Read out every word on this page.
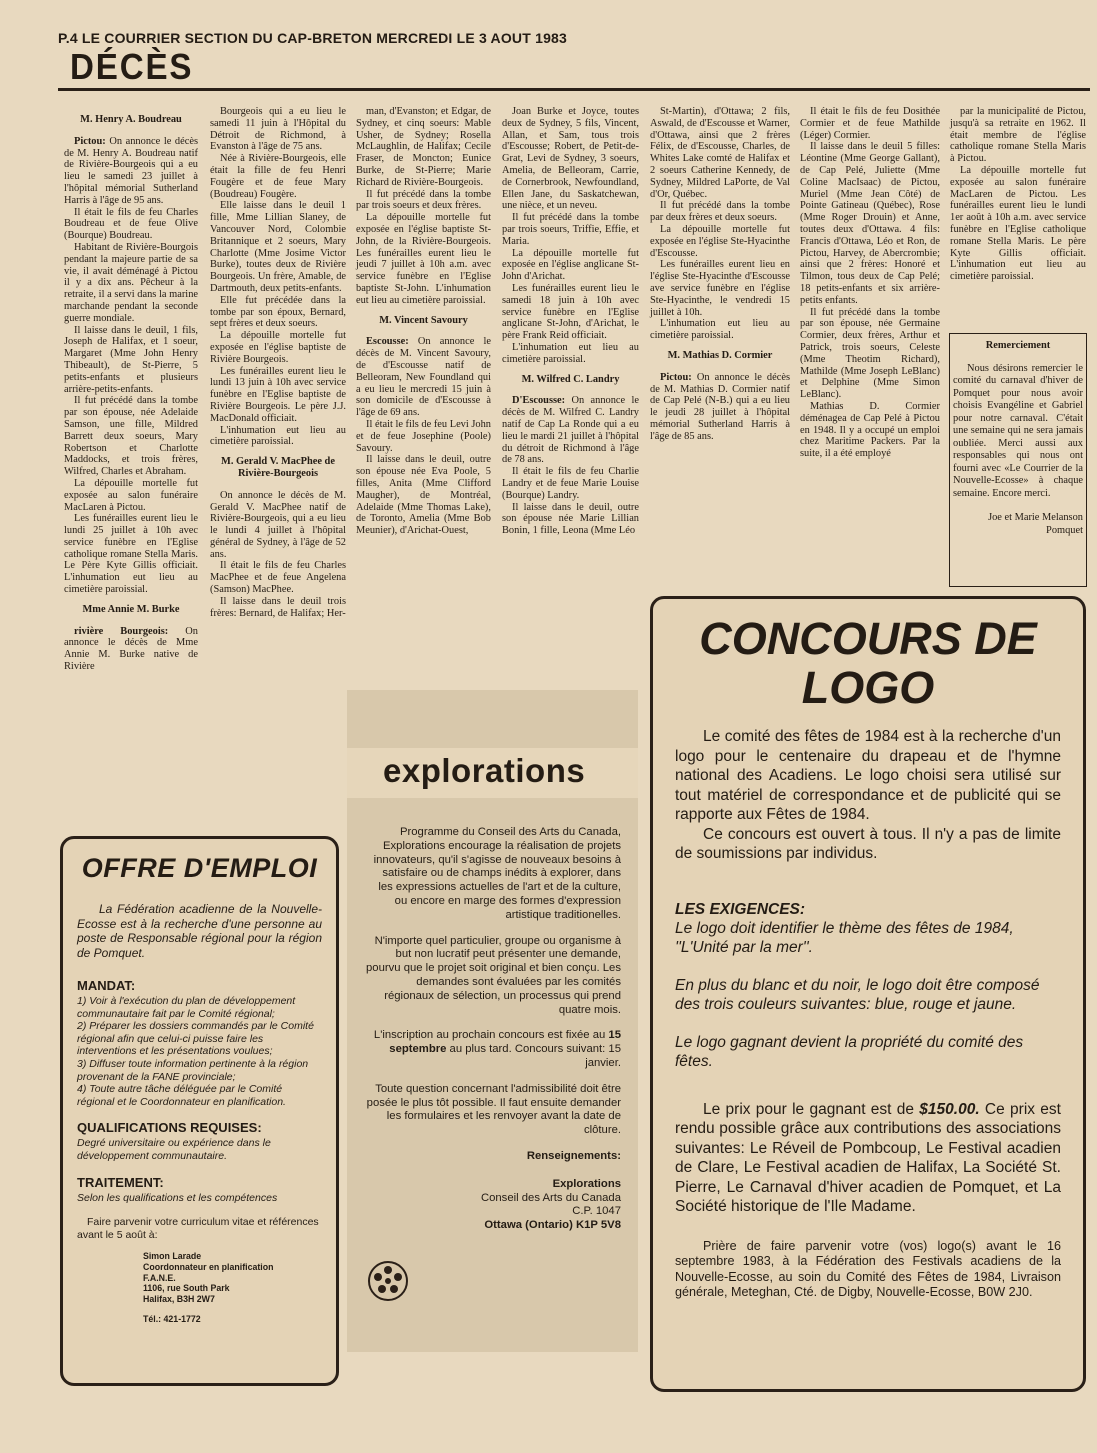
P.4 LE COURRIER SECTION DU CAP-BRETON MERCREDI LE 3 AOUT 1983
DÉCÈS

M. Henry A. Boudreau

Pictou: On annonce le décès de M. Henry A. Boudreau natif de Rivière-Bourgeois qui a eu lieu le samedi 23 juillet à l'hôpital mémorial Sutherland Harris à l'âge de 95 ans.

Il était le fils de feu Charles Boudreau et de feue Olive (Bourque) Boudreau.

Habitant de Rivière-Bourgois pendant la majeure partie de sa vie, il avait déménagé à Pictou il y a dix ans. Pêcheur à la retraite, il a servi dans la marine marchande pendant la seconde guerre mondiale.

Il laisse dans le deuil, 1 fils, Joseph de Halifax, et 1 soeur, Margaret (Mme John Henry Thibeault), de St-Pierre, 5 petits-enfants et plusieurs arrière-petits-enfants.

Il fut précédé dans la tombe par son épouse, née Adelaide Samson, une fille, Mildred Barrett deux soeurs, Mary Robertson et Charlotte Maddocks, et trois frères, Wilfred, Charles et Abraham.

La dépouille mortelle fut exposée au salon funéraire MacLaren à Pictou.

Les funérailles eurent lieu le lundi 25 juillet à 10h avec service funèbre en l'Eglise catholique romane Stella Maris. Le Père Kyte Gillis officiait. L'inhumation eut lieu au cimetière paroissial.

Mme Annie M. Burke

rivière Bourgeois: On annonce le décès de Mme Annie M. Burke native de Rivière

Bourgeois qui a eu lieu le samedi 11 juin à l'Hôpital du Détroit de Richmond, à Evanston à l'âge de 75 ans.

Née à Rivière-Bourgeois, elle était la fille de feu Henri Fougère et de feue Mary (Boudreau) Fougère.

Elle laisse dans le deuil 1 fille, Mme Lillian Slaney, de Vancouver Nord, Colombie Britannique et 2 soeurs, Mary Charlotte (Mme Josime Victor Burke), toutes deux de Rivière Bourgeois. Un frère, Amable, de Dartmouth, deux petits-enfants.

Elle fut précédée dans la tombe par son époux, Bernard, sept frères et deux soeurs.

La dépouille mortelle fut exposée en l'église baptiste de Rivière Bourgeois.

Les funérailles eurent lieu le lundi 13 juin à 10h avec service funèbre en l'Eglise baptiste de Rivière Bourgeois. Le père J.J. MacDonald officiait.

L'inhumation eut lieu au cimetière paroissial.

M. Gerald V. MacPhee de Rivière-Bourgeois

On annonce le décès de M. Gerald V. MacPhee natif de Rivière-Bourgeois, qui a eu lieu le lundi 4 juillet à l'hôpital général de Sydney, à l'âge de 52 ans.

Il était le fils de feu Charles MacPhee et de feue Angelena (Samson) MacPhee.

Il laisse dans le deuil trois frères: Bernard, de Halifax; Her-

man, d'Evanston; et Edgar, de Sydney, et cinq soeurs: Mable Usher, de Sydney; Rosella McLaughlin, de Halifax; Cecile Fraser, de Moncton; Eunice Burke, de St-Pierre; Marie Richard de Rivière-Bourgeois.

Il fut précédé dans la tombe par trois soeurs et deux frères.

La dépouille mortelle fut exposée en l'église baptiste St-John, de la Rivière-Bourgeois. Les funérailles eurent lieu le jeudi 7 juillet à 10h a.m. avec service funèbre en l'Eglise baptiste St-John. L'inhumation eut lieu au cimetière paroissial.

M. Vincent Savoury

Escousse: On annonce le décès de M. Vincent Savoury, de d'Escousse natif de Belleoram, New Foundland qui a eu lieu le mercredi 15 juin à son domicile de d'Escousse à l'âge de 69 ans.

Il était le fils de feu Levi John et de feue Josephine (Poole) Savoury.

Il laisse dans le deuil, outre son épouse née Eva Poole, 5 filles, Anita (Mme Clifford Maugher), de Montréal, Adelaide (Mme Thomas Lake), de Toronto, Amelia (Mme Bob Meunier), d'Arichat-Ouest,

Joan Burke et Joyce, toutes deux de Sydney, 5 fils, Vincent, Allan, et Sam, tous trois d'Escousse; Robert, de Petit-de-Grat, Levi de Sydney, 3 soeurs, Amelia, de Belleoram, Carrie, de Cornerbrook, Newfoundland, Ellen Jane, du Saskatchewan, une nièce, et un neveu.

Il fut précédé dans la tombe par trois soeurs, Triffie, Effie, et Maria.

La dépouille mortelle fut exposée en l'église anglicane St-John d'Arichat.

Les funérailles eurent lieu le samedi 18 juin à 10h avec service funèbre en l'Eglise anglicane St-John, d'Arichat, le père Frank Reid officiait.

L'inhumation eut lieu au cimetière paroissial.

M. Wilfred C. Landry

D'Escousse: On annonce le décès de M. Wilfred C. Landry natif de Cap La Ronde qui a eu lieu le mardi 21 juillet à l'hôpital du détroit de Richmond à l'âge de 78 ans.

Il était le fils de feu Charlie Landry et de feue Marie Louise (Bourque) Landry.

Il laisse dans le deuil, outre son épouse née Marie Lillian Bonin, 1 fille, Leona (Mme Léo

St-Martin), d'Ottawa; 2 fils, Aswald, de d'Escousse et Warner, d'Ottawa, ainsi que 2 frères Félix, de d'Escousse, Charles, de Whites Lake comté de Halifax et 2 soeurs Catherine Kennedy, de Sydney, Mildred LaPorte, de Val d'Or, Québec.

Il fut précédé dans la tombe par deux frères et deux soeurs.

La dépouille mortelle fut exposée en l'église Ste-Hyacinthe d'Escousse.

Les funérailles eurent lieu en l'église Ste-Hyacinthe d'Escousse ave service funèbre en l'église Ste-Hyacinthe, le vendredi 15 juillet à 10h.

L'inhumation eut lieu au cimetière paroissial.

M. Mathias D. Cormier

Pictou: On annonce le décès de M. Mathias D. Cormier natif de Cap Pelé (N-B.) qui a eu lieu le jeudi 28 juillet à l'hôpital mémorial Sutherland Harris à l'âge de 85 ans.

Il était le fils de feu Dosithée Cormier et de feue Mathilde (Léger) Cormier.

Il laisse dans le deuil 5 filles: Léontine (Mme George Gallant), de Cap Pelé, Juliette (Mme Coline MacIsaac) de Pictou, Muriel (Mme Jean Côté) de Pointe Gatineau (Québec), Rose (Mme Roger Drouin) et Anne, toutes deux d'Ottawa. 4 fils: Francis d'Ottawa, Léo et Ron, de Pictou, Harvey, de Abercrombie; ainsi que 2 frères: Honoré et Tilmon, tous deux de Cap Pelé; 18 petits-enfants et six arrière-petits enfants.

Il fut précédé dans la tombe par son épouse, née Germaine Cormier, deux frères, Arthur et Patrick, trois soeurs, Celeste (Mme Theotim Richard), Mathilde (Mme Joseph LeBlanc) et Delphine (Mme Simon LeBlanc).

Mathias D. Cormier déménagea de Cap Pelé à Pictou en 1948. Il y a occupé un emploi chez Maritime Packers. Par la suite, il a été employé

par la municipalité de Pictou, jusqu'à sa retraite en 1962. Il était membre de l'église catholique romane Stella Maris à Pictou.

La dépouille mortelle fut exposée au salon funéraire MacLaren de Pictou. Les funérailles eurent lieu le lundi 1er août à 10h a.m. avec service funèbre en l'Eglise catholique romane Stella Maris. Le père Kyte Gillis officiait. L'inhumation eut lieu au cimetière paroissial.

Remerciement

Nous désirons remercier le comité du carnaval d'hiver de Pomquet pour nous avoir choisis Evangéline et Gabriel pour notre carnaval. C'était une semaine qui ne sera jamais oubliée. Merci aussi aux responsables qui nous ont fourni avec «Le Courrier de la Nouvelle-Ecosse» à chaque semaine. Encore merci.

Joe et Marie Melanson

Pomquet

OFFRE D'EMPLOI

La Fédération acadienne de la Nouvelle-Ecosse est à la recherche d'une personne au poste de Responsable régional pour la région de Pomquet.

MANDAT:

1) Voir à l'exécution du plan de développement communautaire fait par le Comité régional;

2) Préparer les dossiers commandés par le Comité régional afin que celui-ci puisse faire les interventions et les présentations voulues;

3) Diffuser toute information pertinente à la région provenant de la FANE provinciale;

4) Toute autre tâche déléguée par le Comité régional et le Coordonnateur en planification.

QUALIFICATIONS REQUISES:

Degré universitaire ou expérience dans le développement communautaire.

TRAITEMENT:

Selon les qualifications et les compétences

Faire parvenir votre curriculum vitae et références avant le 5 août à:

Simon Larade

Coordonnateur en planification

F.A.N.E.

1106, rue South Park

Halifax, B3H 2W7

Tél.: 421-1772

explorations

Programme du Conseil des Arts du Canada, Explorations encourage la réalisation de projets innovateurs, qu'il s'agisse de nouveaux besoins à satisfaire ou de champs inédits à explorer, dans les expressions actuelles de l'art et de la culture, ou encore en marge des formes d'expression artistique traditionelles.

N'importe quel particulier, groupe ou organisme à but non lucratif peut présenter une demande, pourvu que le projet soit original et bien conçu. Les demandes sont évaluées par les comités régionaux de sélection, un processus qui prend quatre mois.

L'inscription au prochain concours est fixée au 15 septembre au plus tard. Concours suivant: 15 janvier.

Toute question concernant l'admissibilité doit être posée le plus tôt possible. Il faut ensuite demander les formulaires et les renvoyer avant la date de clôture.

Renseignements:

Explorations

Conseil des Arts du Canada

C.P. 1047

Ottawa (Ontario) K1P 5V8

CONCOURS DE

LOGO

Le comité des fêtes de 1984 est à la recherche d'un logo pour le centenaire du drapeau et de l'hymne national des Acadiens. Le logo choisi sera utilisé sur tout matériel de correspondance et de publicité qui se rapporte aux Fêtes de 1984.

Ce concours est ouvert à tous. Il n'y a pas de limite de soumissions par individus.

LES EXIGENCES:

Le logo doit identifier le thème des fêtes de 1984, ''L'Unité par la mer''.

En plus du blanc et du noir, le logo doit être composé des trois couleurs suivantes: blue, rouge et jaune.

Le logo gagnant devient la propriété du comité des fêtes.

Le prix pour le gagnant est de $150.00. Ce prix est rendu possible grâce aux contributions des associations suivantes: Le Réveil de Pombcoup, Le Festival acadien de Clare, Le Festival acadien de Halifax, La Société St. Pierre, Le Carnaval d'hiver acadien de Pomquet, et La Société historique de l'Ile Madame.

Prière de faire parvenir votre (vos) logo(s) avant le 16 septembre 1983, à la Fédération des Festivals acadiens de la Nouvelle-Ecosse, au soin du Comité des Fêtes de 1984, Livraison générale, Meteghan, Cté. de Digby, Nouvelle-Ecosse, B0W 2J0.
